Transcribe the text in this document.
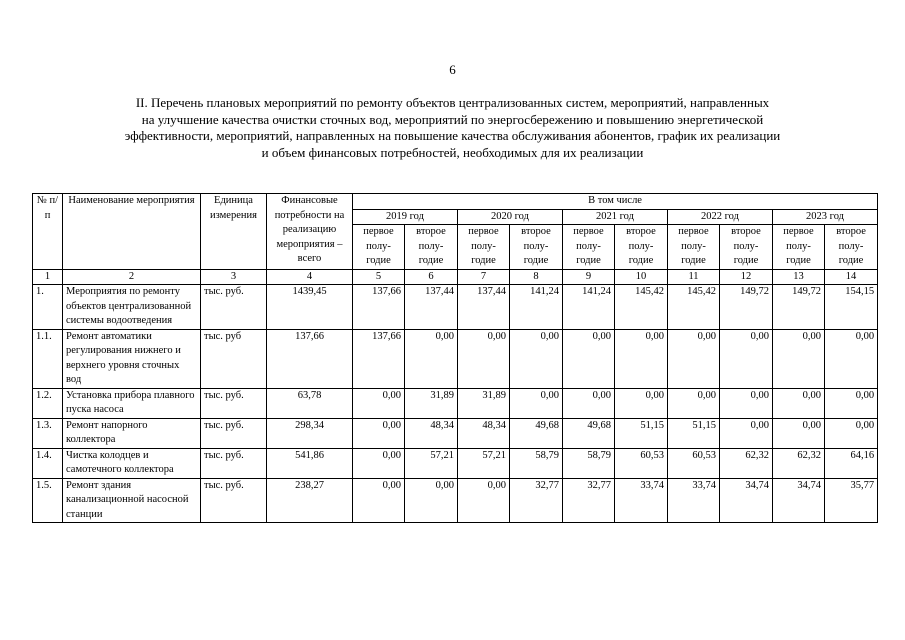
6
II. Перечень плановых мероприятий по ремонту объектов централизованных систем, мероприятий, направленных
на улучшение качества очистки сточных вод, мероприятий по энергосбережению и повышению энергетической
эффективности, мероприятий, направленных на повышение качества обслуживания абонентов, график их реализации
и объем финансовых потребностей, необходимых для их реализации
№ п/п	Наименование мероприятия	Единица измерения	Финансовые потребности на реализацию мероприятия – всего	В том числе									
				2019 год		2020 год		2021 год		2022 год		2023 год	
				первое полу-годие	второе полу-годие	первое полу-годие	второе полу-годие	первое полу-годие	второе полу-годие	первое полу-годие	второе полу-годие	первое полу-годие	второе полу-годие
1	2	3	4	5	6	7	8	9	10	11	12	13	14
1.	Мероприятия по ремонту объектов централизованной системы водоотведения	тыс. руб.	1439,45	137,66	137,44	137,44	141,24	141,24	145,42	145,42	149,72	149,72	154,15
1.1.	Ремонт автоматики регулирования нижнего и верхнего уровня сточных вод	тыс. руб	137,66	137,66	0,00	0,00	0,00	0,00	0,00	0,00	0,00	0,00	0,00
1.2.	Установка прибора плавного пуска насоса	тыс. руб.	63,78	0,00	31,89	31,89	0,00	0,00	0,00	0,00	0,00	0,00	0,00
1.3.	Ремонт напорного коллектора	тыс. руб.	298,34	0,00	48,34	48,34	49,68	49,68	51,15	51,15	0,00	0,00	0,00
1.4.	Чистка колодцев и самотечного коллектора	тыс. руб.	541,86	0,00	57,21	57,21	58,79	58,79	60,53	60,53	62,32	62,32	64,16
1.5.	Ремонт здания канализационной насосной станции	тыс. руб.	238,27	0,00	0,00	0,00	32,77	32,77	33,74	33,74	34,74	34,74	35,77
